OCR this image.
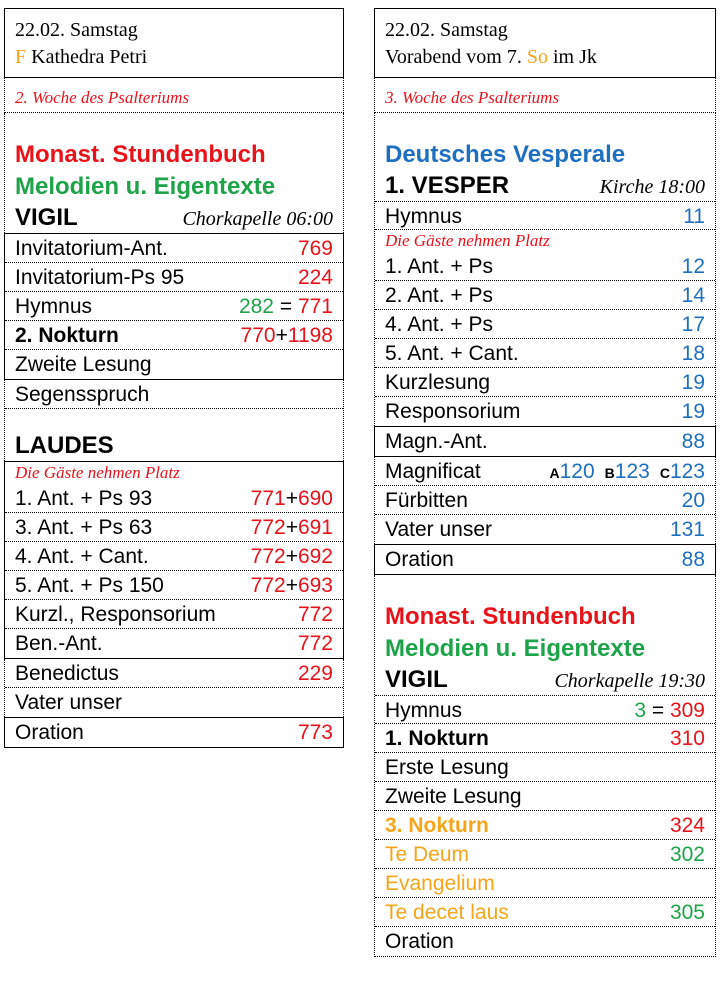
22.02. Samstag
F Kathedra Petri
2. Woche des Psalteriums
Monast. Stundenbuch
Melodien u. Eigentexte
VIGIL	Chorkapelle 06:00
Invitatorium-Ant.	769
Invitatorium-Ps 95	224
Hymnus	282 = 771
2. Nokturn	770+1198
Zweite Lesung
Segensspruch
LAUDES
Die Gäste nehmen Platz
1. Ant. + Ps 93	771+690
3. Ant. + Ps 63	772+691
4. Ant. + Cant.	772+692
5. Ant. + Ps 150	772+693
Kurzl., Responsorium	772
Ben.-Ant.	772
Benedictus	229
Vater unser
Oration	773
22.02. Samstag
Vorabend vom 7. So im Jk
3. Woche des Psalteriums
Deutsches Vesperale
1. VESPER	Kirche 18:00
Hymnus	11
Die Gäste nehmen Platz
1. Ant. + Ps	12
2. Ant. + Ps	14
4. Ant. + Ps	17
5. Ant. + Cant.	18
Kurzlesung	19
Responsorium	19
Magn.-Ant.	88
Magnificat	A120 B123 C123
Fürbitten	20
Vater unser	131
Oration	88
Monast. Stundenbuch
Melodien u. Eigentexte
VIGIL	Chorkapelle 19:30
Hymnus	3 = 309
1. Nokturn	310
Erste Lesung
Zweite Lesung
3. Nokturn	324
Te Deum	302
Evangelium
Te decet laus	305
Oration
